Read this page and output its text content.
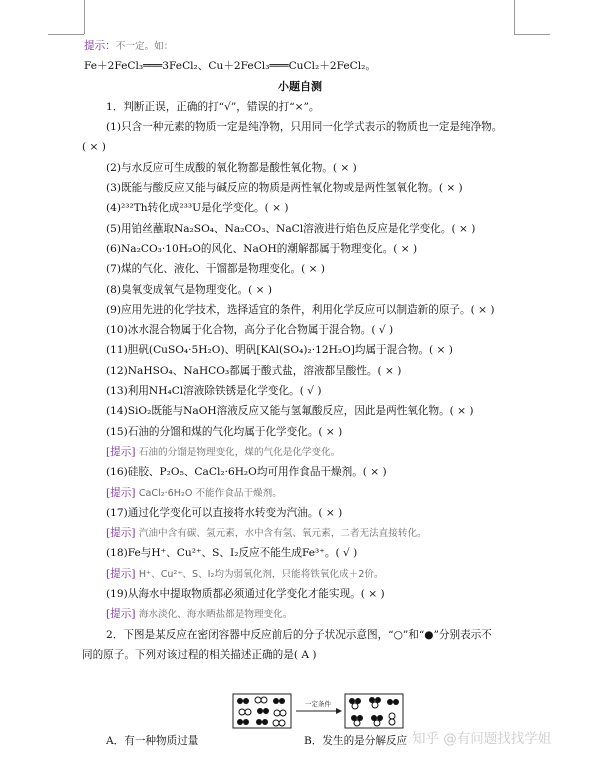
提示：不一定。如：
Fe＋2FeCl₃═══3FeCl₂、Cu＋2FeCl₃═══CuCl₂＋2FeCl₂。
小题自测
1．判断正误，正确的打“√”，错误的打“×”。
(1)只含一种元素的物质一定是纯净物，只用同一化学式表示的物质也一定是纯净物。
( × )
(2)与水反应可生成酸的氧化物都是酸性氧化物。( × )
(3)既能与酸反应又能与碱反应的物质是两性氧化物或是两性氢氧化物。( × )
(4)²³²Th转化成²³³U是化学变化。( × )
(5)用铂丝蘸取Na₂SO₄、Na₂CO₃、NaCl溶液进行焰色反应是化学变化。( × )
(6)Na₂CO₃·10H₂O的风化、NaOH的潮解都属于物理变化。( × )
(7)煤的气化、液化、干馏都是物理变化。( × )
(8)臭氧变成氧气是物理变化。( × )
(9)应用先进的化学技术，选择适宜的条件，利用化学反应可以制造新的原子。( × )
(10)冰水混合物属于化合物，高分子化合物属于混合物。( √ )
(11)胆矾(CuSO₄·5H₂O)、明矾[KAl(SO₄)₂·12H₂O]均属于混合物。( × )
(12)NaHSO₄、NaHCO₃都属于酸式盐，溶液都呈酸性。( × )
(13)利用NH₄Cl溶液除铁锈是化学变化。( √ )
(14)SiO₂既能与NaOH溶液反应又能与氢氟酸反应，因此是两性氧化物。( × )
(15)石油的分馏和煤的气化均属于化学变化。( × )
[提示] 石油的分馏是物理变化，煤的气化是化学变化。
(16)硅胶、P₂O₅、CaCl₂·6H₂O均可用作食品干燥剂。( × )
[提示] CaCl₂·6H₂O 不能作食品干燥剂。
(17)通过化学变化可以直接将水转变为汽油。( × )
[提示] 汽油中含有碳、氢元素，水中含有氢、氧元素，二者无法直接转化。
(18)Fe与H⁺、Cu²⁺、S、I₂反应不能生成Fe³⁺。( √ )
[提示] H⁺、Cu²⁺、S、I₂均为弱氧化剂，只能将铁氧化成＋2价。
(19)从海水中提取物质都必须通过化学变化才能实现。( × )
[提示] 海水淡化、海水晒盐都是物理变化。
2．下图是某反应在密闭容器中反应前后的分子状况示意图，“○”和“●”分别表示不
同的原子。下列对该过程的相关描述正确的是( A )
一定条件
A．有一种物质过量	B．发生的是分解反应 知乎 @有问题找找学姐
